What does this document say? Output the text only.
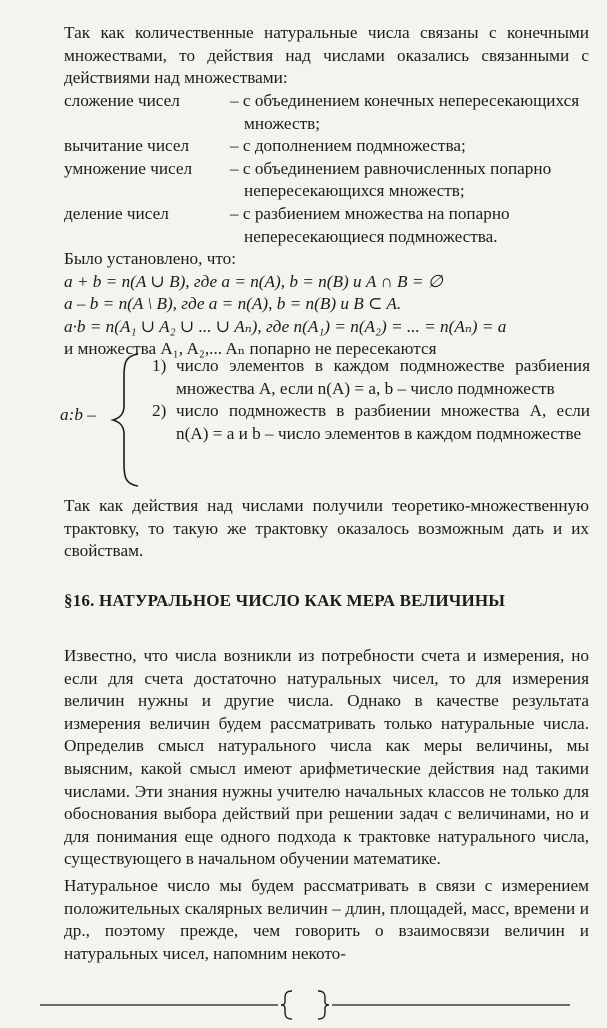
Так как количественные натуральные числа связаны с конечными множествами, то действия над числами оказались связанными с действиями над множествами:
сложение чисел	– с объединением конечных непересекающихся множеств;
вычитание чисел	– с дополнением подмножества;
умножение чисел	– с объединением равночисленных попарно непересекающихся множеств;
деление чисел	– с разбиением множества на попарно непересекающиеся подмножества.
Было установлено, что:
a + b = n(A ∪ B), где a = n(A), b = n(B) и A ∩ B = ∅
a – b = n(A \ B), где a = n(A), b = n(B) и B ⊂ A.
a·b = n(A₁ ∪ A₂ ∪ ... ∪ Aₙ), где n(A₁) = n(A₂) = ... = n(Aₙ) = a
и множества A₁, A₂,... Aₙ попарно не пересекаются
a:b –
1) число элементов в каждом подмножестве разбиения множества A, если n(A) = a, b – число подмножеств
2) число подмножеств в разбиении множества A, если n(A) = a и b – число элементов в каждом подмножестве
Так как действия над числами получили теоретико-множественную трактовку, то такую же трактовку оказалось возможным дать и их свойствам.
§16. НАТУРАЛЬНОЕ ЧИСЛО КАК МЕРА ВЕЛИЧИНЫ
Известно, что числа возникли из потребности счета и измерения, но если для счета достаточно натуральных чисел, то для измерения величин нужны и другие числа. Однако в качестве результата измерения величин будем рассматривать только натуральные числа. Определив смысл натурального числа как меры величины, мы выясним, какой смысл имеют арифметические действия над такими числами. Эти знания нужны учителю начальных классов не только для обоснования выбора действий при решении задач с величинами, но и для понимания еще одного подхода к трактовке натурального числа, существующего в начальном обучении математике.
Натуральное число мы будем рассматривать в связи с измерением положительных скалярных величин – длин, площадей, масс, времени и др., поэтому прежде, чем говорить о взаимосвязи величин и натуральных чисел, напомним некото-
